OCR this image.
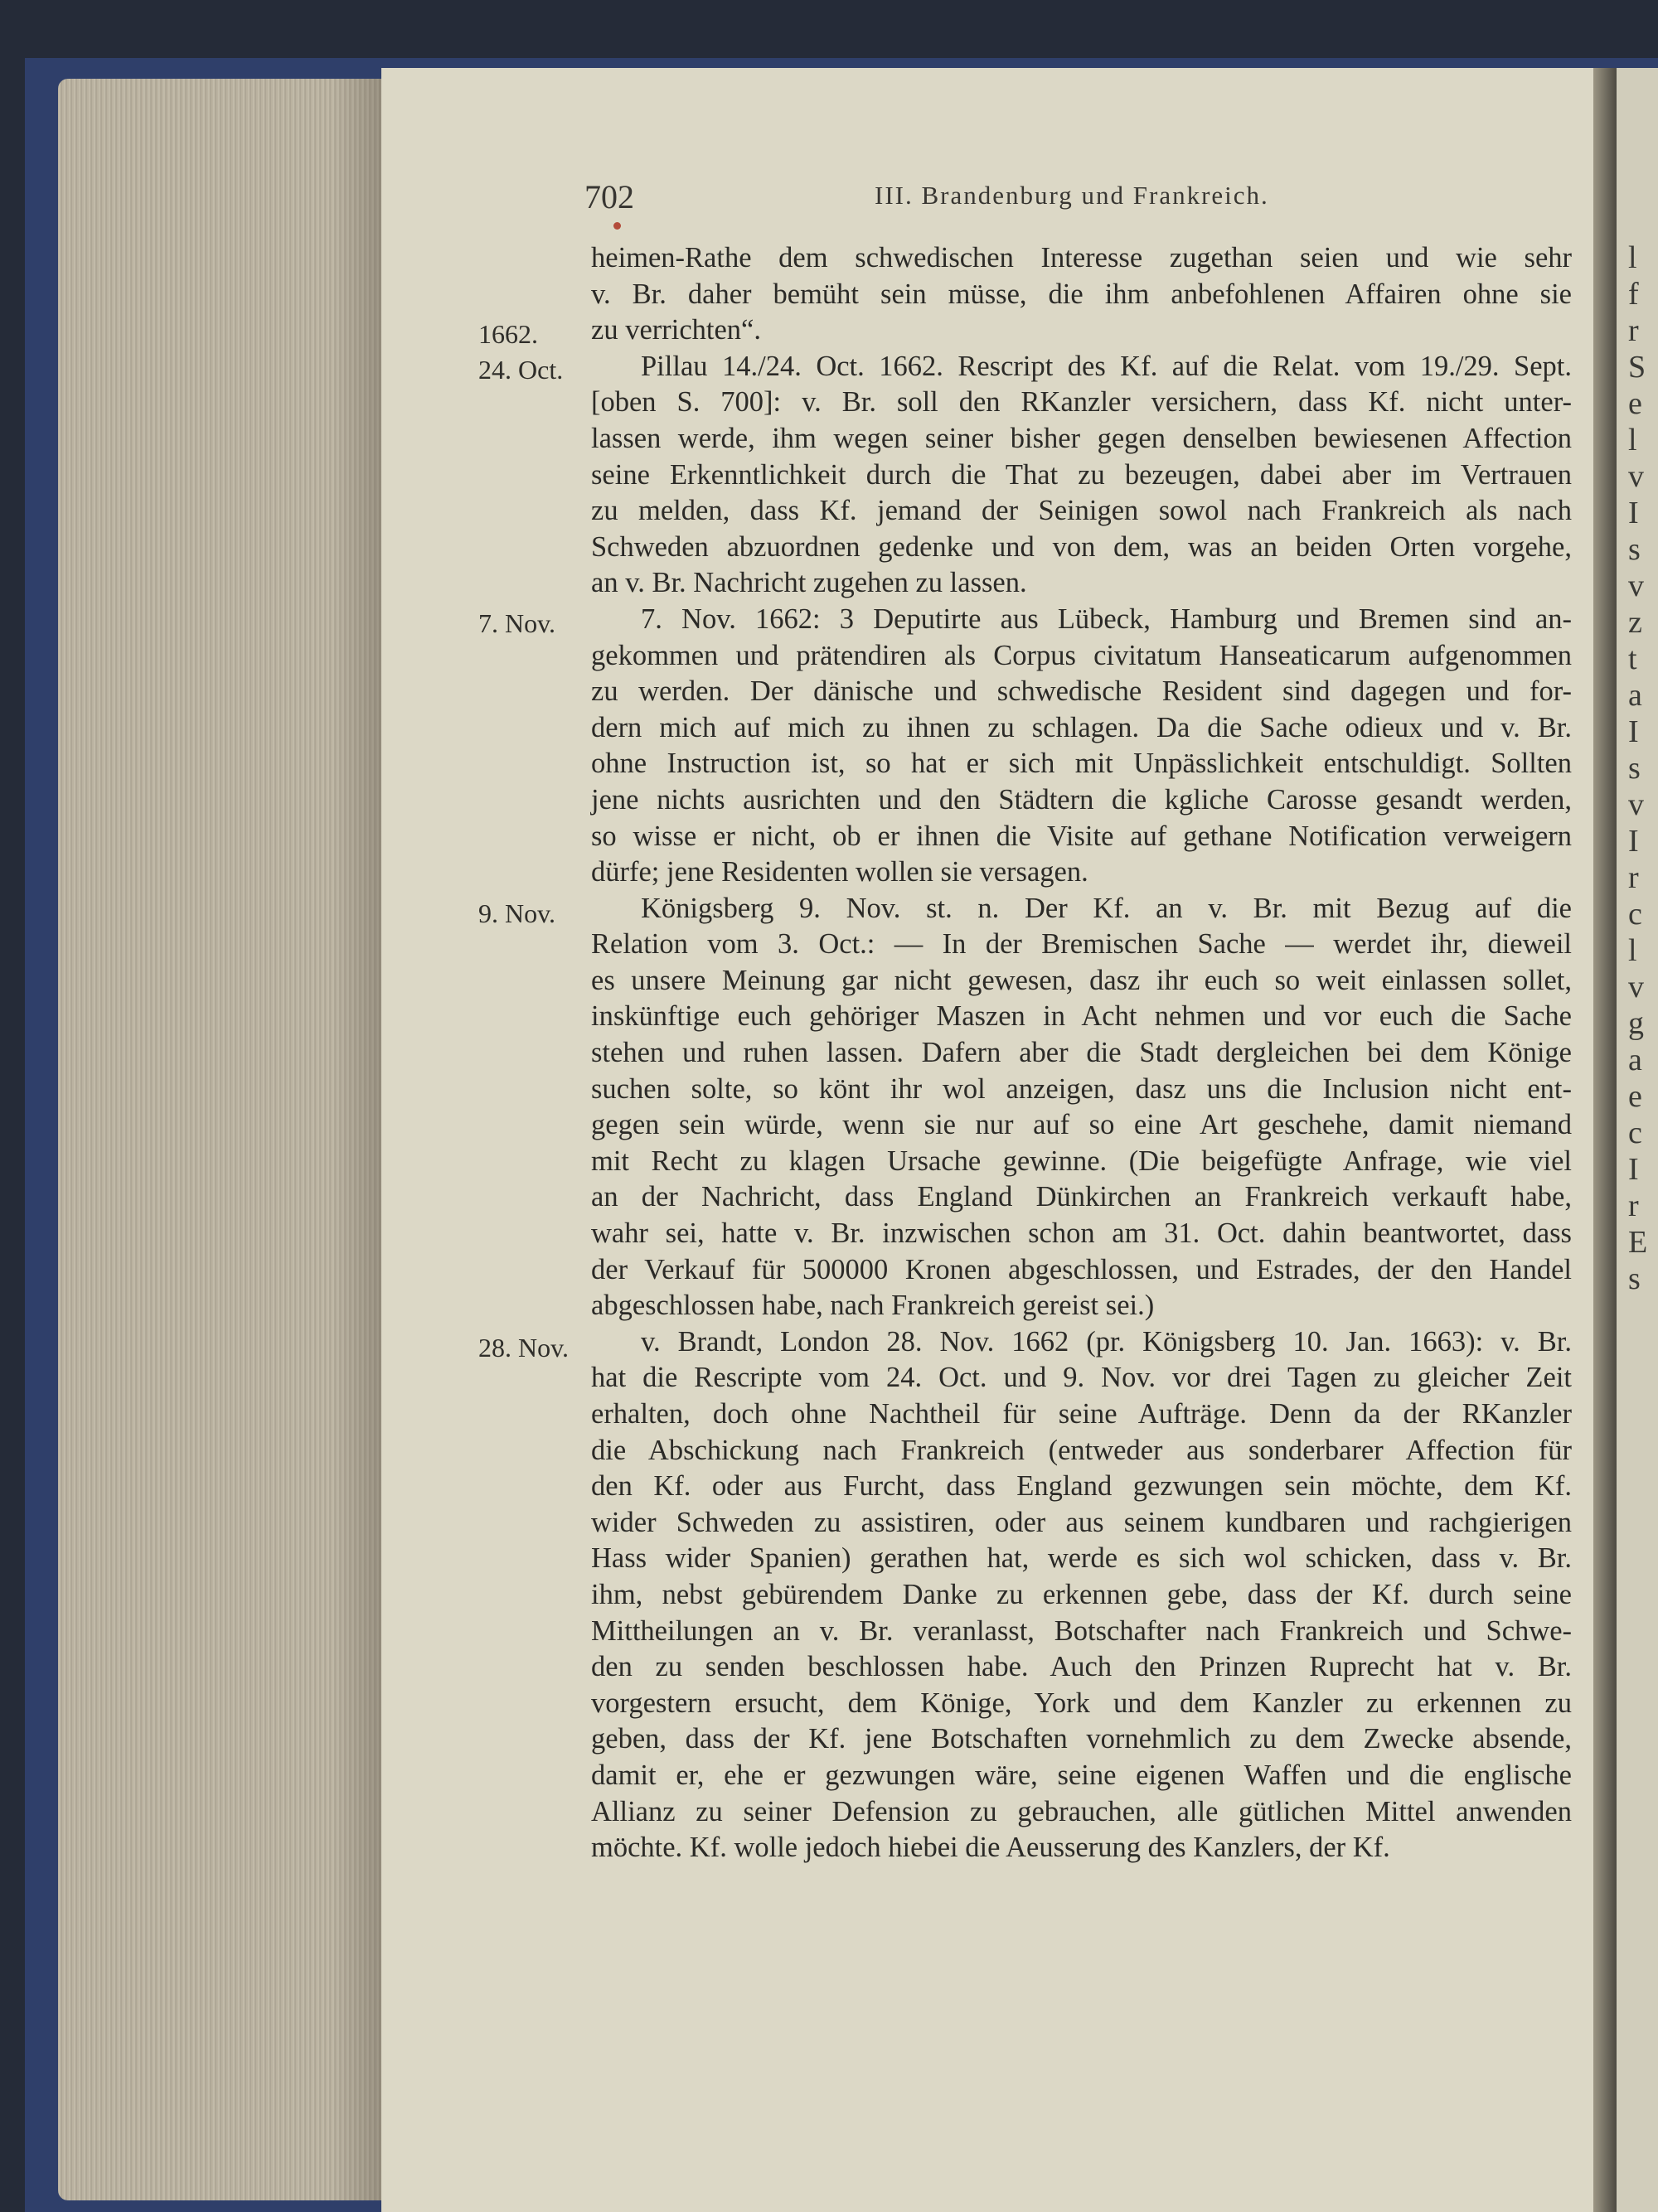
702	III. Brandenburg und Frankreich.
1662.
24. Oct.
7. Nov.
9. Nov.
28. Nov.
heimen-Rathe dem schwedischen Interesse zugethan seien und wie sehr
v. Br. daher bemüht sein müsse, die ihm anbefohlenen Affairen ohne sie
zu verrichten“.
Pillau 14./24. Oct. 1662. Rescript des Kf. auf die Relat. vom 19./29. Sept.
[oben S. 700]: v. Br. soll den RKanzler versichern, dass Kf. nicht unter-
lassen werde, ihm wegen seiner bisher gegen denselben bewiesenen Affection
seine Erkenntlichkeit durch die That zu bezeugen, dabei aber im Vertrauen
zu melden, dass Kf. jemand der Seinigen sowol nach Frankreich als nach
Schweden abzuordnen gedenke und von dem, was an beiden Orten vorgehe,
an v. Br. Nachricht zugehen zu lassen.
7. Nov. 1662: 3 Deputirte aus Lübeck, Hamburg und Bremen sind an-
gekommen und prätendiren als Corpus civitatum Hanseaticarum aufgenommen
zu werden. Der dänische und schwedische Resident sind dagegen und for-
dern mich auf mich zu ihnen zu schlagen. Da die Sache odieux und v. Br.
ohne Instruction ist, so hat er sich mit Unpässlichkeit entschuldigt. Sollten
jene nichts ausrichten und den Städtern die kgliche Carosse gesandt werden,
so wisse er nicht, ob er ihnen die Visite auf gethane Notification verweigern
dürfe; jene Residenten wollen sie versagen.
Königsberg 9. Nov. st. n. Der Kf. an v. Br. mit Bezug auf die
Relation vom 3. Oct.: — In der Bremischen Sache — werdet ihr, dieweil
es unsere Meinung gar nicht gewesen, dasz ihr euch so weit einlassen sollet,
inskünftige euch gehöriger Maszen in Acht nehmen und vor euch die Sache
stehen und ruhen lassen. Dafern aber die Stadt dergleichen bei dem Könige
suchen solte, so könt ihr wol anzeigen, dasz uns die Inclusion nicht ent-
gegen sein würde, wenn sie nur auf so eine Art geschehe, damit niemand
mit Recht zu klagen Ursache gewinne. (Die beigefügte Anfrage, wie viel
an der Nachricht, dass England Dünkirchen an Frankreich verkauft habe,
wahr sei, hatte v. Br. inzwischen schon am 31. Oct. dahin beantwortet, dass
der Verkauf für 500000 Kronen abgeschlossen, und Estrades, der den Handel
abgeschlossen habe, nach Frankreich gereist sei.)
v. Brandt, London 28. Nov. 1662 (pr. Königsberg 10. Jan. 1663): v. Br.
hat die Rescripte vom 24. Oct. und 9. Nov. vor drei Tagen zu gleicher Zeit
erhalten, doch ohne Nachtheil für seine Aufträge. Denn da der RKanzler
die Abschickung nach Frankreich (entweder aus sonderbarer Affection für
den Kf. oder aus Furcht, dass England gezwungen sein möchte, dem Kf.
wider Schweden zu assistiren, oder aus seinem kundbaren und rachgierigen
Hass wider Spanien) gerathen hat, werde es sich wol schicken, dass v. Br.
ihm, nebst gebürendem Danke zu erkennen gebe, dass der Kf. durch seine
Mittheilungen an v. Br. veranlasst, Botschafter nach Frankreich und Schwe-
den zu senden beschlossen habe. Auch den Prinzen Ruprecht hat v. Br.
vorgestern ersucht, dem Könige, York und dem Kanzler zu erkennen zu
geben, dass der Kf. jene Botschaften vornehmlich zu dem Zwecke absende,
damit er, ehe er gezwungen wäre, seine eigenen Waffen und die englische
Allianz zu seiner Defension zu gebrauchen, alle gütlichen Mittel anwenden
möchte. Kf. wolle jedoch hiebei die Aeusserung des Kanzlers, der Kf.
l
f
r
S
e
l
v
I
s
v
z
t
a
I
s
v
I
r
c
l
v
g
a
e
c
I
r
E
s
